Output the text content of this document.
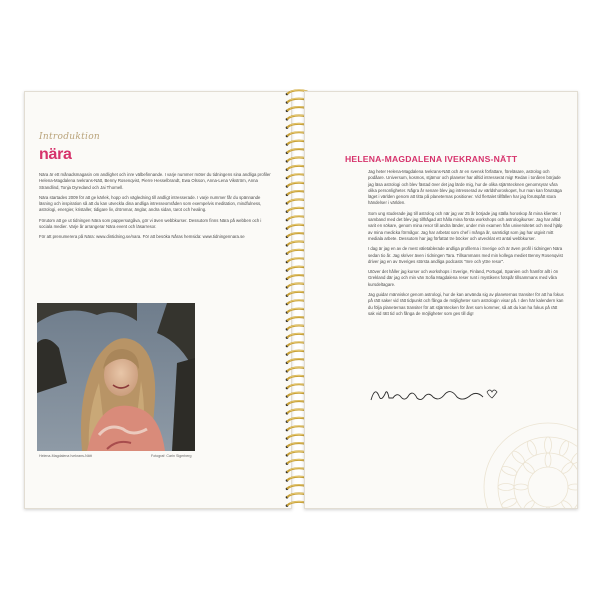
Introduktion
nära

Nära är ett månadsmagasin om andlighet och inre välbefinnande. I varje nummer möter du tidningens sina andliga profiler Helena-Magdalena Ivekrans-Nätt, Benny Rosenqvist, Pierre Hesselbrandt, Ewa Olsson, Anna-Lena Vikström, Anna Strandlind, Tonja Dyredand och Jai Thornell.

Nära startades 2009 för att ge kärlek, hopp och vägledning till andligt intresserade. I varje nummer får du spännande läsning och inspiration så att du kan utveckla dina andliga intresseområden som exempelvis meditation, mindfulness, astrologi, energier, kristaller, tidigare liv, drömmar, änglar, andra sidan, tarot och healing.

Förutom att ge ut tidningen Nära som pappersutgåva, gör vi även webbkurser. Dessutom finns Nära på webben och i sociala medier. Varje år arrangerar Nära event och läsarresor.

För att prenumerera på Nära: www.dintidning.se/nara. För att besöka Nåras hemsida: www.tidningennara.se

Helena-Magdalena Ivekrans-Nätt	Fotograf: Carin Sigerberg
HELENA-MAGDALENA IVEKRANS-NÄTT

Jag heter Helena-Magdalena Ivekrans-Nätt och är en svensk författare, föreläsare, astrolog och podåare. Universum, kosmos, stjärnor och planeter har alltid intresserat mig! Redan i tonåren började jag läsa astrologi och blev fästad över det jag lärde mig, hur de olika stjärntecknen genomsyrar våra olika personligheter. Några år senare blev jag intresserad av världshoroskopet, hur man kan förutsäga läget i världen genom att titta på planeternas positioner. Vid flertalet tillfällen har jag förutspått stora händelser i världen.

Som ung studerade jag till astrolog och när jag var 25 år började jag ställa horoskop åt mina klienter. I samband med det blev jag tillfrågad att hålla mina första workshops och astrologikurser. Jag har alltid varit en sökare, genom mina resor till andra länder, under min examen från universitetet och med hjälp av mina medicka förmågor. Jag har arbetat som chef i många år, samtidigt som jag har utgivit mitt mediala arbete. Dessutom har jag författat tre böcker och utvecklat ett antal webbkurser.

I dag är jag en av de mest väletablerade andliga profilerna i Sverige och är även profil i tidningen Nära sedan tio år. Jag skriver även i tidningen Tara. Tillsammans med min kollega mediet Benny Rosenqvist driver jag en av Sveriges största andliga podcasts "Inre och yttre resor".

Utöver det håller jag kurser och workshops i Sverige, Finland, Portugal, Spanien och framför allt i ön Grekland där jag och min vän Sofia Magdalena reser runt i mystikens fotspår tillsammans med våra kursdeltagare.

Jag guidar människor genom astrologi, hur de kan använda sig av planeternas transiter för att ha fokus på rätt saker vid rätt tidpunkt och fånga de möjligheter som astrologin visar på. I den här kalendern kan du följa planeternas transiter för att stjärntecken för året som kommer, så att du kan ha fokus på rätt sak vid rätt tid och fånga de möjligheter som ges till dig!
